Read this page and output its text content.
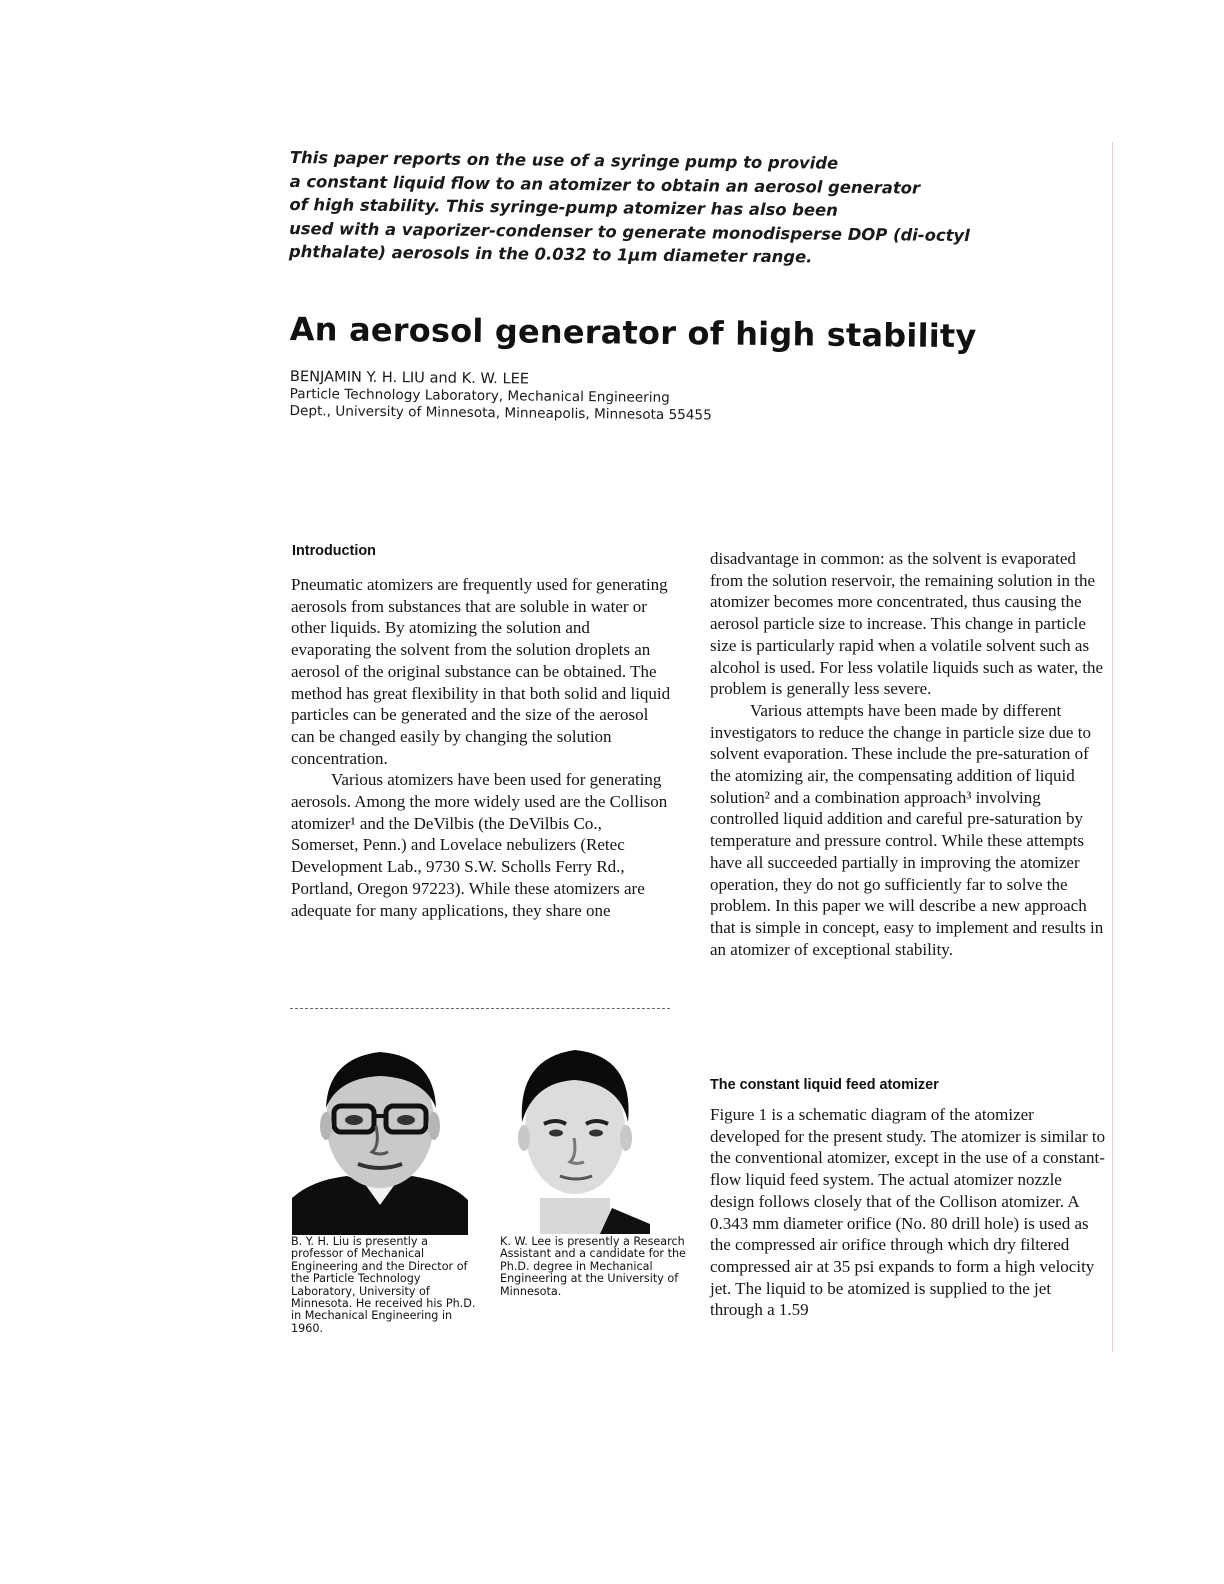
This paper reports on the use of a syringe pump to provide
a constant liquid flow to an atomizer to obtain an aerosol generator
of high stability. This syringe-pump atomizer has also been
used with a vaporizer-condenser to generate monodisperse DOP (di-octyl
phthalate) aerosols in the 0.032 to 1μm diameter range.
An aerosol generator of high stability
BENJAMIN Y. H. LIU and K. W. LEE
Particle Technology Laboratory, Mechanical Engineering
Dept., University of Minnesota, Minneapolis, Minnesota 55455
Introduction

Pneumatic atomizers are frequently used for generating aerosols from substances that are soluble in water or other liquids. By atomizing the solution and evaporating the solvent from the solution droplets an aerosol of the original substance can be obtained. The method has great flexibility in that both solid and liquid particles can be generated and the size of the aerosol can be changed easily by changing the solution concentration.

Various atomizers have been used for generating aerosols. Among the more widely used are the Collison atomizer¹ and the DeVilbis (the DeVilbis Co., Somerset, Penn.) and Lovelace nebulizers (Retec Development Lab., 9730 S.W. Scholls Ferry Rd., Portland, Oregon 97223). While these atomizers are adequate for many applications, they share one

B. Y. H. Liu is presently a professor of Mechanical Engineering and the Director of the Particle Technology Laboratory, University of Minnesota. He received his Ph.D. in Mechanical Engineering in 1960.
K. W. Lee is presently a Research Assistant and a candidate for the Ph.D. degree in Mechanical Engineering at the University of Minnesota.

disadvantage in common: as the solvent is evaporated from the solution reservoir, the remaining solution in the atomizer becomes more concentrated, thus causing the aerosol particle size to increase. This change in particle size is particularly rapid when a volatile solvent such as alcohol is used. For less volatile liquids such as water, the problem is generally less severe.

Various attempts have been made by different investigators to reduce the change in particle size due to solvent evaporation. These include the pre-saturation of the atomizing air, the compensating addition of liquid solution² and a combination approach³ involving controlled liquid addition and careful pre-saturation by temperature and pressure control. While these attempts have all succeeded partially in improving the atomizer operation, they do not go sufficiently far to solve the problem. In this paper we will describe a new approach that is simple in concept, easy to implement and results in an atomizer of exceptional stability.

The constant liquid feed atomizer

Figure 1 is a schematic diagram of the atomizer developed for the present study. The atomizer is similar to the conventional atomizer, except in the use of a constant-flow liquid feed system. The actual atomizer nozzle design follows closely that of the Collison atomizer. A 0.343 mm diameter orifice (No. 80 drill hole) is used as the compressed air orifice through which dry filtered compressed air at 35 psi expands to form a high velocity jet. The liquid to be atomized is supplied to the jet through a 1.59
